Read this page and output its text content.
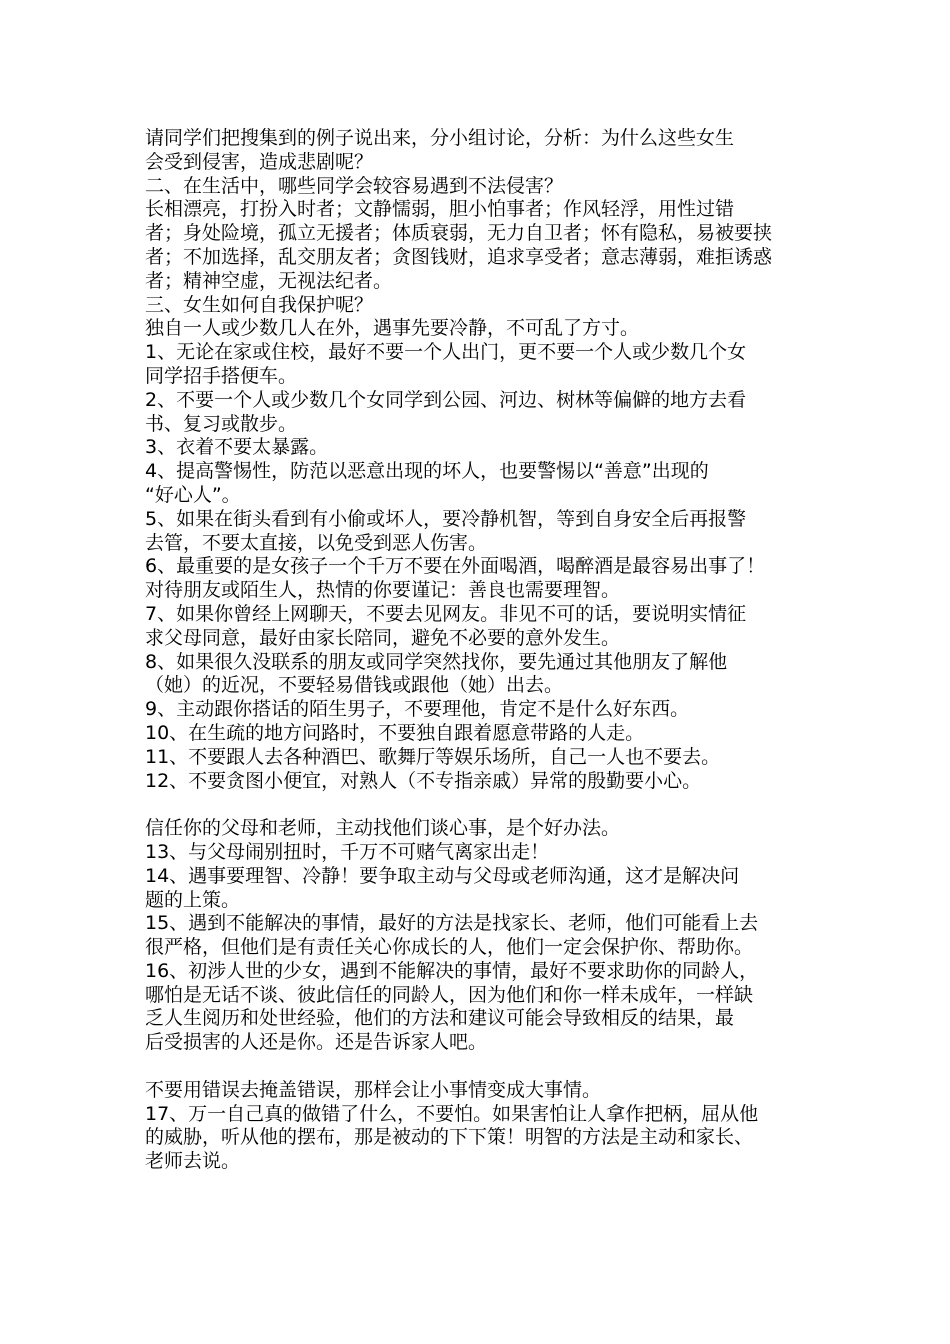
请同学们把搜集到的例子说出来，分小组讨论，分析：为什么这些女生
会受到侵害，造成悲剧呢？
二、在生活中，哪些同学会较容易遇到不法侵害？
长相漂亮，打扮入时者；文静懦弱，胆小怕事者；作风轻浮，用性过错
者；身处险境，孤立无援者；体质衰弱，无力自卫者；怀有隐私，易被要挟
者；不加选择，乱交朋友者；贪图钱财，追求享受者；意志薄弱，难拒诱惑
者；精神空虚，无视法纪者。
三、女生如何自我保护呢？
独自一人或少数几人在外，遇事先要冷静，不可乱了方寸。
1、无论在家或住校，最好不要一个人出门，更不要一个人或少数几个女
同学招手搭便车。
2、不要一个人或少数几个女同学到公园、河边、树林等偏僻的地方去看
书、复习或散步。
3、衣着不要太暴露。
4、提高警惕性，防范以恶意出现的坏人，也要警惕以“善意”出现的
“好心人”。
5、如果在街头看到有小偷或坏人，要冷静机智，等到自身安全后再报警
去管，不要太直接，以免受到恶人伤害。
6、最重要的是女孩子一个千万不要在外面喝酒，喝醉酒是最容易出事了！
对待朋友或陌生人，热情的你要谨记：善良也需要理智。
7、如果你曾经上网聊天，不要去见网友。非见不可的话，要说明实情征
求父母同意，最好由家长陪同，避免不必要的意外发生。
8、如果很久没联系的朋友或同学突然找你，要先通过其他朋友了解他
（她）的近况，不要轻易借钱或跟他（她）出去。
9、主动跟你搭话的陌生男子，不要理他，肯定不是什么好东西。
10、在生疏的地方问路时，不要独自跟着愿意带路的人走。
11、不要跟人去各种酒巴、歌舞厅等娱乐场所，自己一人也不要去。
12、不要贪图小便宜，对熟人（不专指亲戚）异常的殷勤要小心。
信任你的父母和老师，主动找他们谈心事，是个好办法。
13、与父母闹别扭时，千万不可赌气离家出走！
14、遇事要理智、冷静！要争取主动与父母或老师沟通，这才是解决问
题的上策。
15、遇到不能解决的事情，最好的方法是找家长、老师，他们可能看上去
很严格，但他们是有责任关心你成长的人，他们一定会保护你、帮助你。
16、初涉人世的少女，遇到不能解决的事情，最好不要求助你的同龄人，
哪怕是无话不谈、彼此信任的同龄人，因为他们和你一样未成年，一样缺
乏人生阅历和处世经验，他们的方法和建议可能会导致相反的结果，最
后受损害的人还是你。还是告诉家人吧。
不要用错误去掩盖错误，那样会让小事情变成大事情。
17、万一自己真的做错了什么，不要怕。如果害怕让人拿作把柄，屈从他
的威胁，听从他的摆布，那是被动的下下策！明智的方法是主动和家长、
老师去说。
